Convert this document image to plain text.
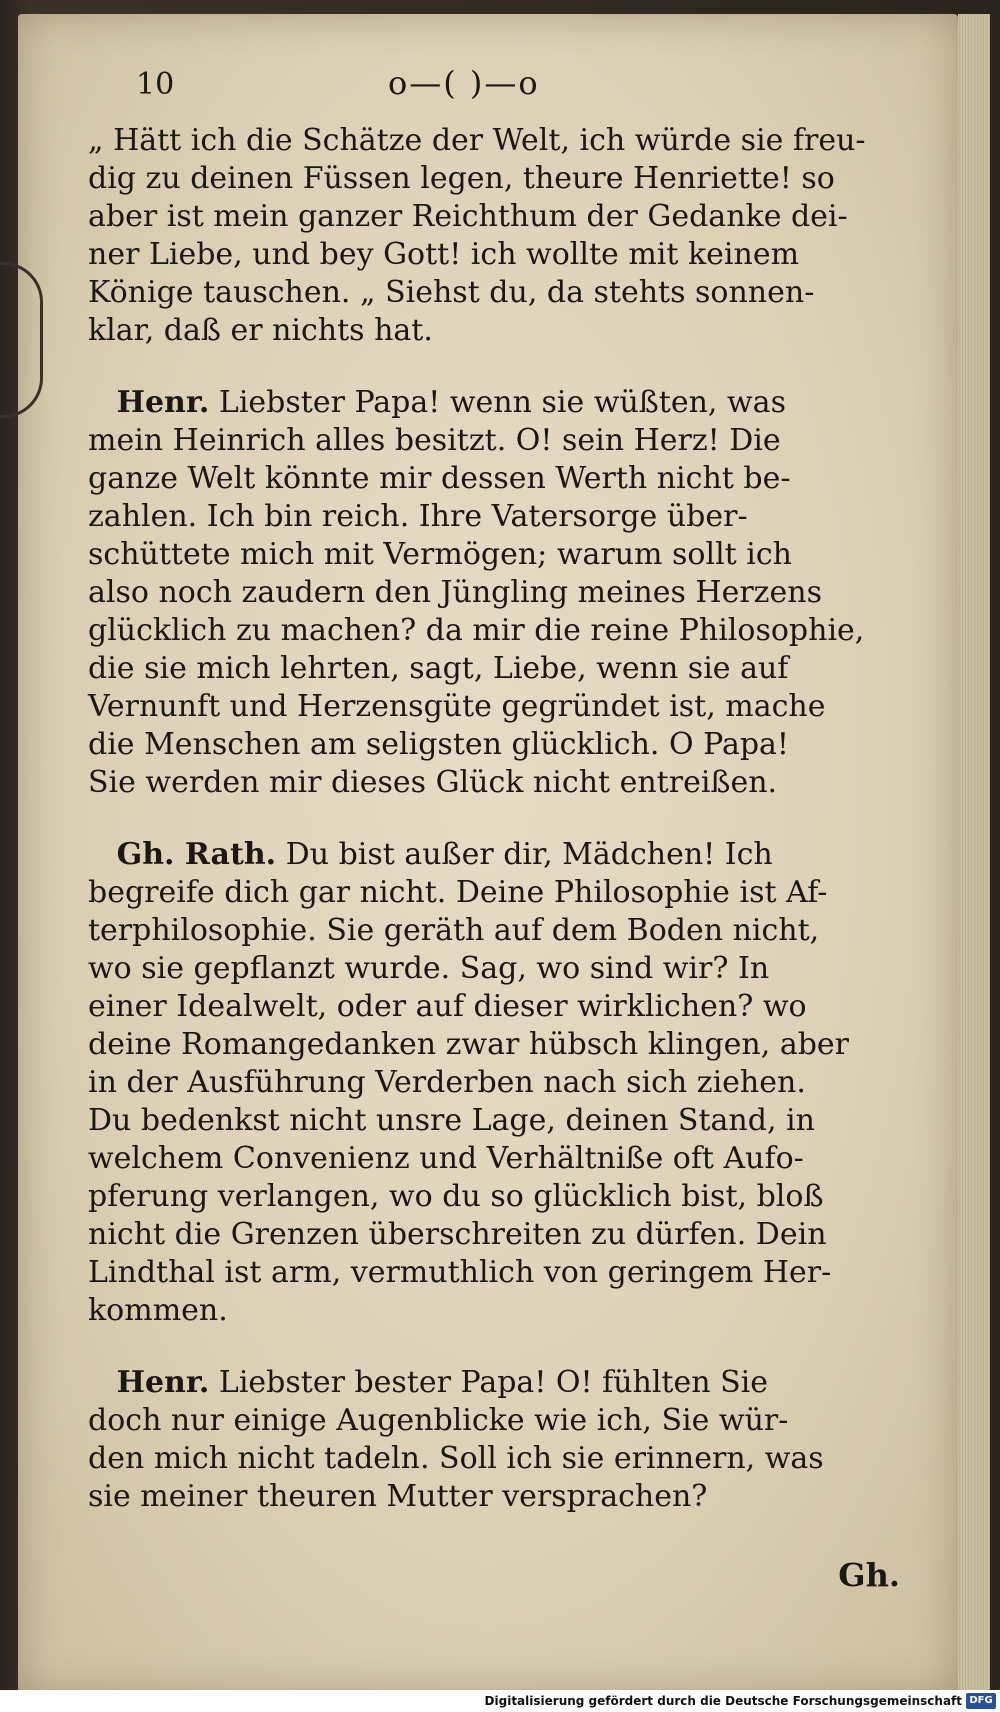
10	o—( )—o
„ Hätt ich die Schätze der Welt, ich würde sie freu-
dig zu deinen Füssen legen, theure Henriette! so
aber ist mein ganzer Reichthum der Gedanke dei-
ner Liebe, und bey Gott! ich wollte mit keinem
Könige tauschen. „ Siehst du, da stehts sonnen-
klar, daß er nichts hat.
Henr. Liebster Papa! wenn sie wüßten, was
mein Heinrich alles besitzt. O! sein Herz! Die
ganze Welt könnte mir dessen Werth nicht be-
zahlen. Ich bin reich. Ihre Vatersorge über-
schüttete mich mit Vermögen; warum sollt ich
also noch zaudern den Jüngling meines Herzens
glücklich zu machen? da mir die reine Philosophie,
die sie mich lehrten, sagt, Liebe, wenn sie auf
Vernunft und Herzensgüte gegründet ist, mache
die Menschen am seligsten glücklich. O Papa!
Sie werden mir dieses Glück nicht entreißen.
Gh. Rath. Du bist außer dir, Mädchen! Ich
begreife dich gar nicht. Deine Philosophie ist Af-
terphilosophie. Sie geräth auf dem Boden nicht,
wo sie gepflanzt wurde. Sag, wo sind wir? In
einer Idealwelt, oder auf dieser wirklichen? wo
deine Romangedanken zwar hübsch klingen, aber
in der Ausführung Verderben nach sich ziehen.
Du bedenkst nicht unsre Lage, deinen Stand, in
welchem Convenienz und Verhältniße oft Aufo-
pferung verlangen, wo du so glücklich bist, bloß
nicht die Grenzen überschreiten zu dürfen. Dein
Lindthal ist arm, vermuthlich von geringem Her-
kommen.
Henr. Liebster bester Papa! O! fühlten Sie
doch nur einige Augenblicke wie ich, Sie wür-
den mich nicht tadeln. Soll ich sie erinnern, was
sie meiner theuren Mutter versprachen?
Gh.
Digitalisierung gefördert durch die Deutsche Forschungsgemeinschaft DFG
